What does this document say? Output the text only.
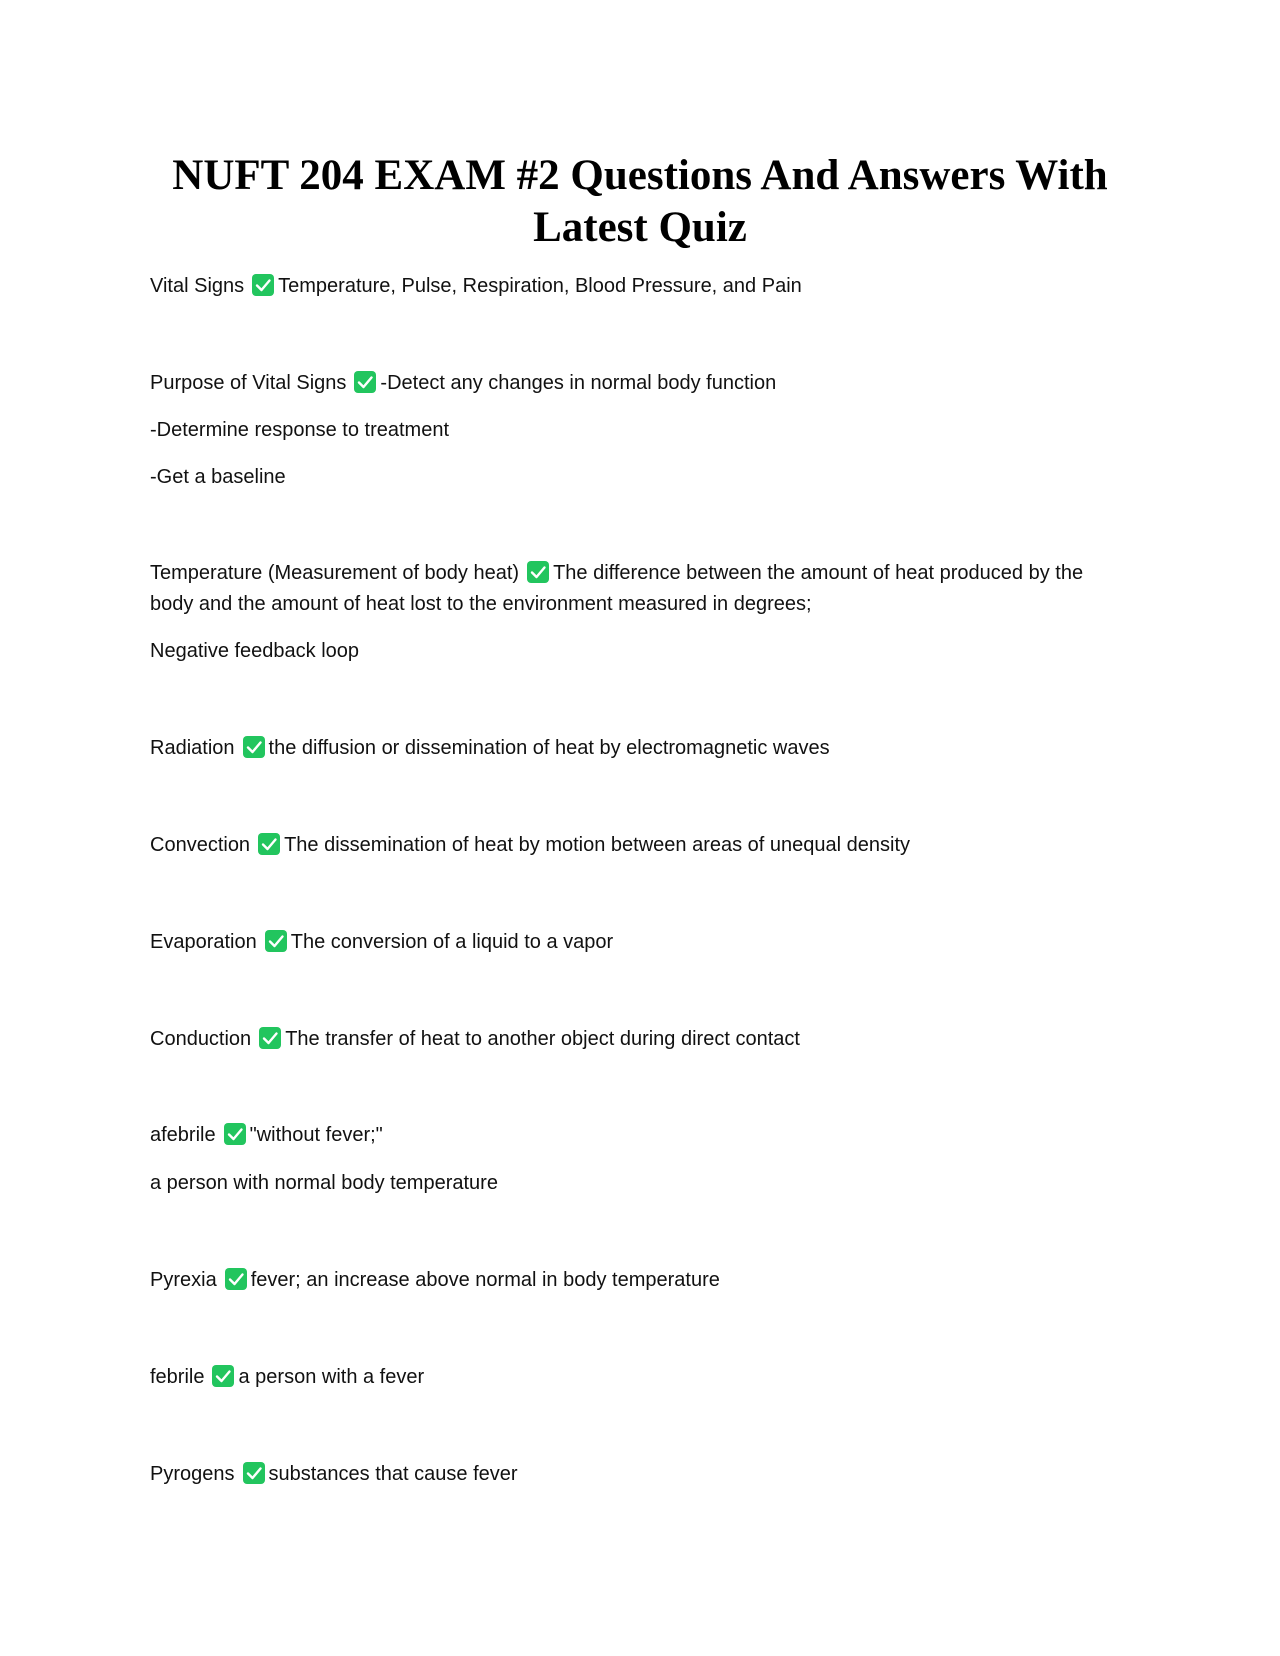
NUFT 204 EXAM #2 Questions And Answers With Latest Quiz
Vital Signs Temperature, Pulse, Respiration, Blood Pressure, and Pain
Purpose of Vital Signs -Detect any changes in normal body function
-Determine response to treatment
-Get a baseline
Temperature (Measurement of body heat) The difference between the amount of heat produced by the body and the amount of heat lost to the environment measured in degrees;
Negative feedback loop
Radiation the diffusion or dissemination of heat by electromagnetic waves
Convection The dissemination of heat by motion between areas of unequal density
Evaporation The conversion of a liquid to a vapor
Conduction The transfer of heat to another object during direct contact
afebrile "without fever;"
a person with normal body temperature
Pyrexia fever; an increase above normal in body temperature
febrile a person with a fever
Pyrogens substances that cause fever
